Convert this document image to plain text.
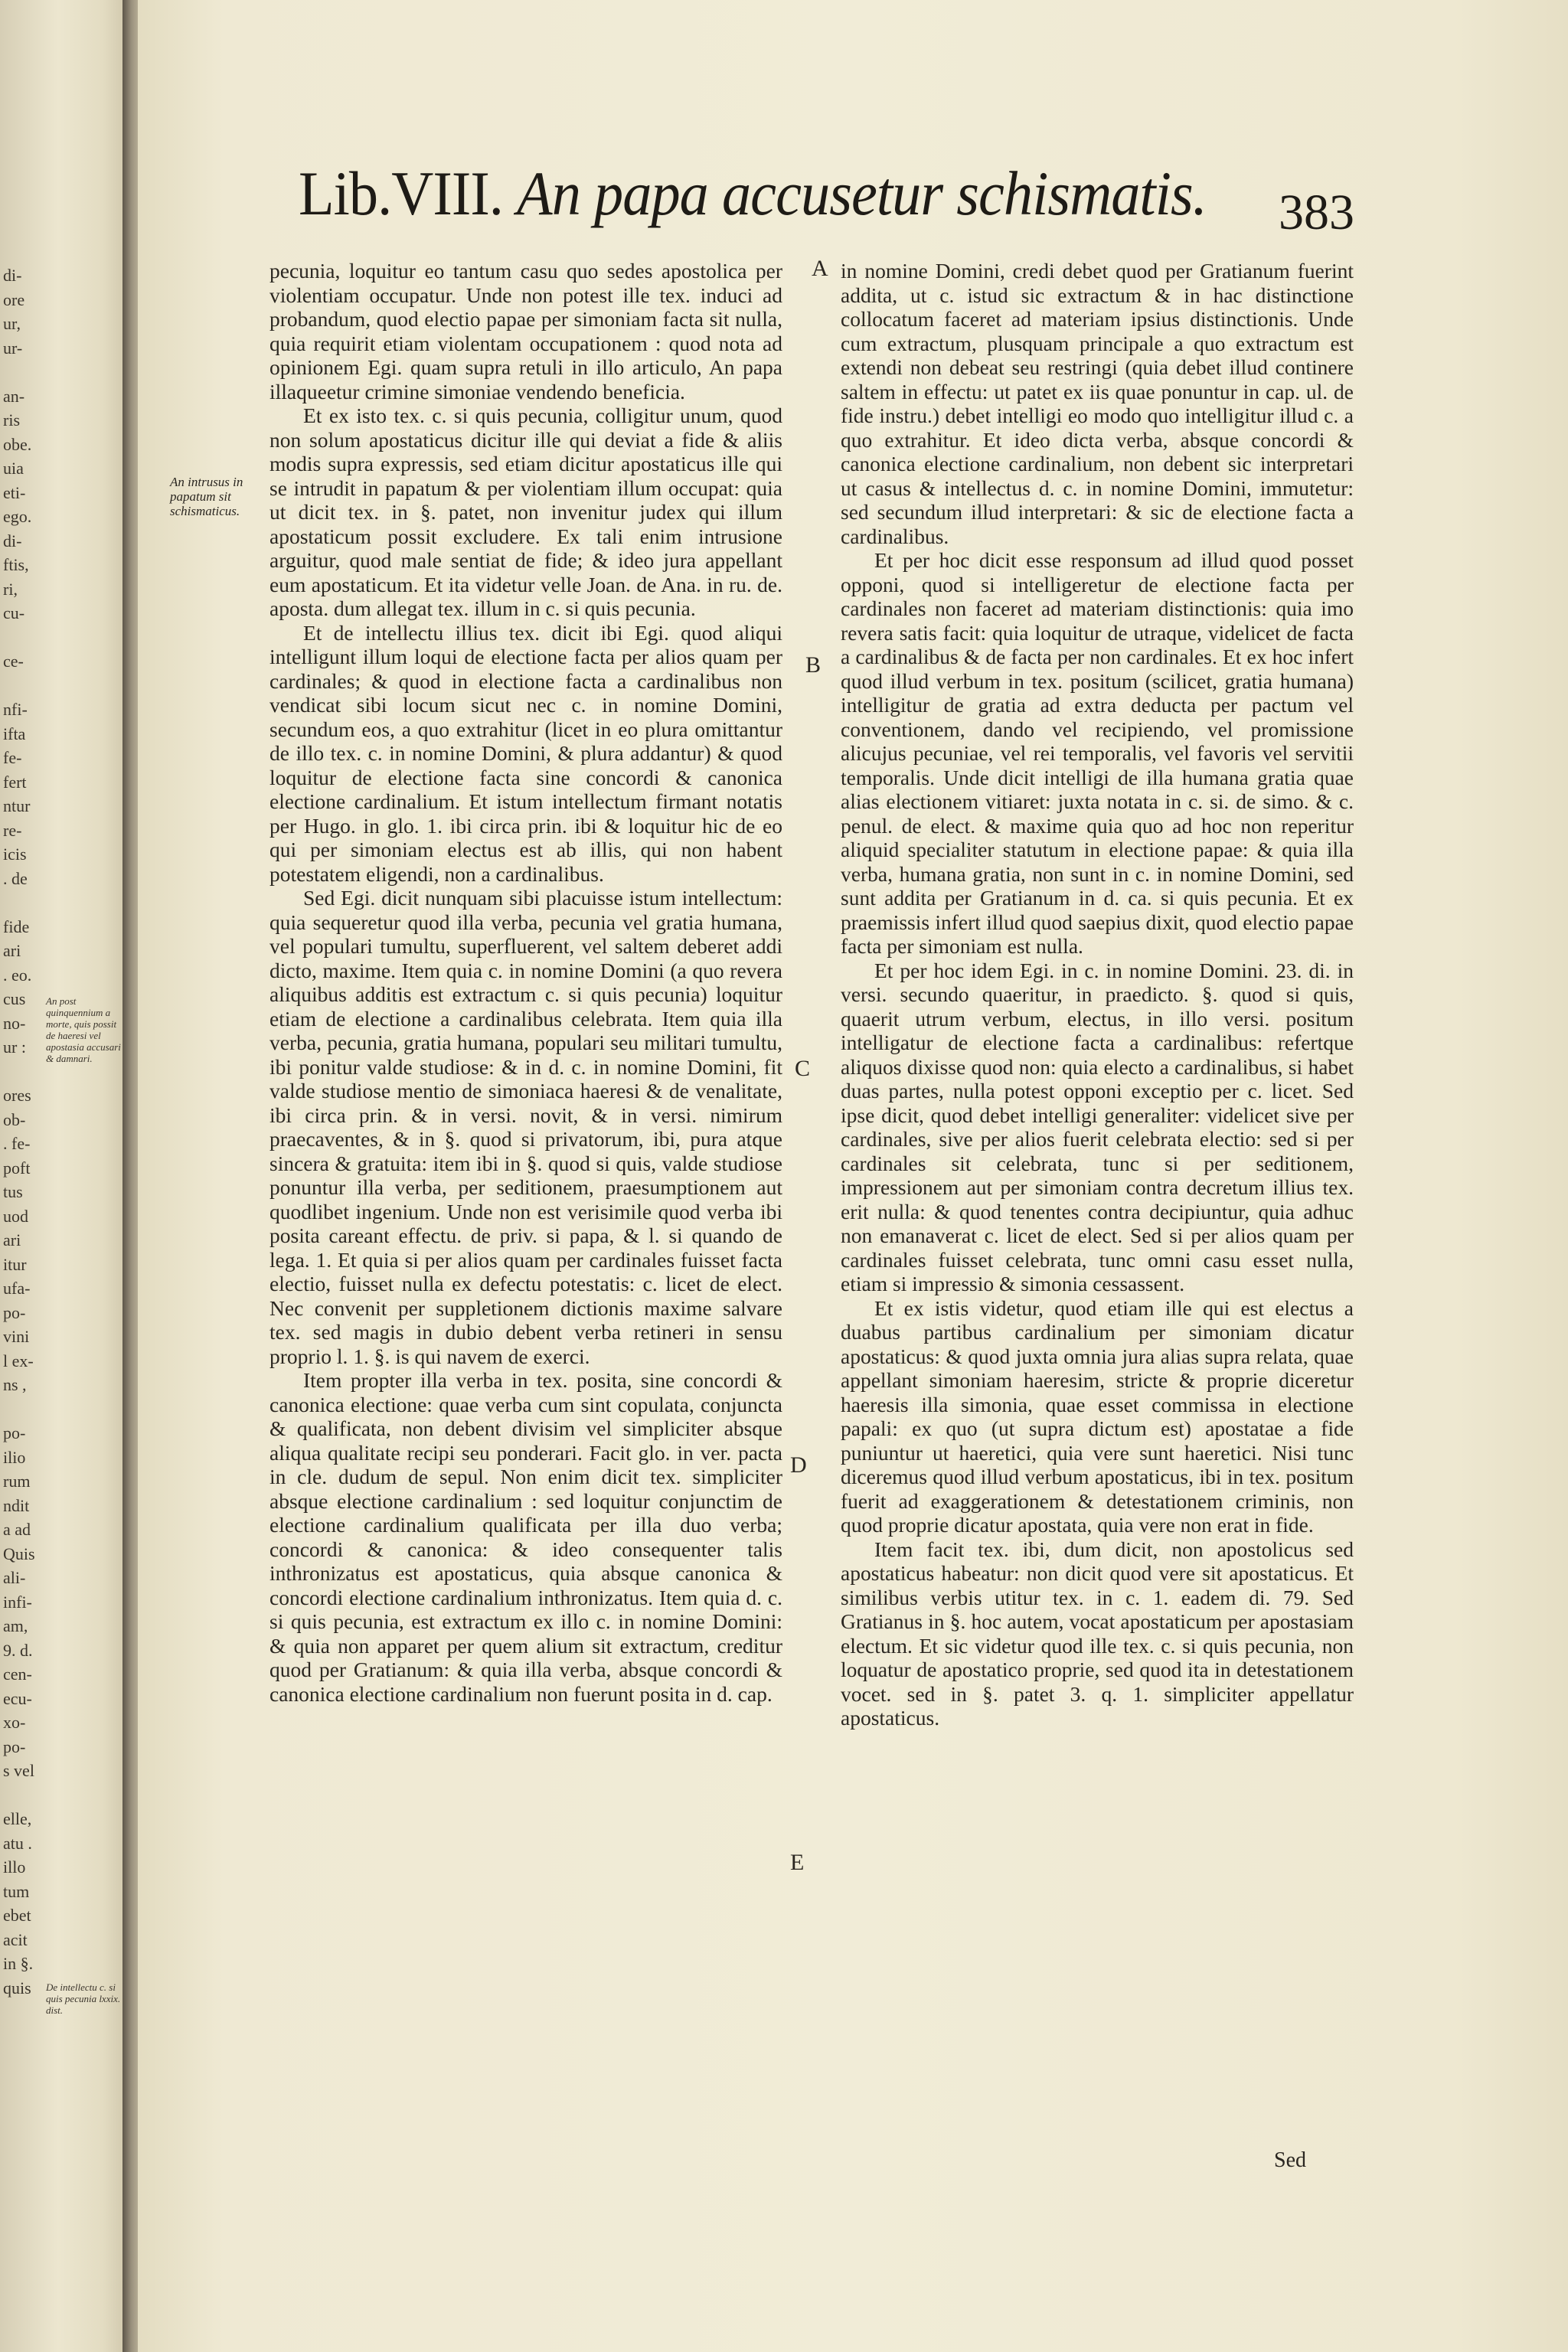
di-
ore
ur,
ur-
an-
ris
obe.
uia
eti-
ego.
di-
ftis,
ri,
cu-
ce-
nfi-
ifta
fe-
fert
ntur
re-
icis
. de
fide
ari
. eo.
cus
no-
ur :
ores
ob-
. fe-
poft
tus
uod
ari
itur
ufa-
po-
vini
l ex-
ns ,
po-
ilio
rum
ndit
a ad
Quis
ali-
infi-
am,
9. d.
cen-
ecu-
xo-
po-
s vel
elle,
atu .
illo
tum
ebet
acit
in §.
quis
An post quinquennium a morte, quis possit de haeresi vel apostasia accusari & damnari.
De intellectu c. si quis pecunia lxxix. dist.
Lib.VIII. An papa accusetur schismatis. 383
An intrusus in papatum sit schismaticus.
A
B
C
D
E

pecunia, loquitur eo tantum casu quo sedes apostolica per violentiam occupatur. Unde non potest ille tex. induci ad probandum, quod electio papae per simoniam facta sit nulla, quia requirit etiam violentam occupationem : quod nota ad opinionem Egi. quam supra retuli in illo articulo, An papa illaqueetur crimine simoniae vendendo beneficia.

Et ex isto tex. c. si quis pecunia, colligitur unum, quod non solum apostaticus dicitur ille qui deviat a fide & aliis modis supra expressis, sed etiam dicitur apostaticus ille qui se intrudit in papatum & per violentiam illum occupat: quia ut dicit tex. in §. patet, non invenitur judex qui illum apostaticum possit excludere. Ex tali enim intrusione arguitur, quod male sentiat de fide; & ideo jura appellant eum apostaticum. Et ita videtur velle Joan. de Ana. in ru. de. aposta. dum allegat tex. illum in c. si quis pecunia.

Et de intellectu illius tex. dicit ibi Egi. quod aliqui intelligunt illum loqui de electione facta per alios quam per cardinales; & quod in electione facta a cardinalibus non vendicat sibi locum sicut nec c. in nomine Domini, secundum eos, a quo extrahitur (licet in eo plura omittantur de illo tex. c. in nomine Domini, & plura addantur) & quod loquitur de electione facta sine concordi & canonica electione cardinalium. Et istum intellectum firmant notatis per Hugo. in glo. 1. ibi circa prin. ibi & loquitur hic de eo qui per simoniam electus est ab illis, qui non habent potestatem eligendi, non a cardinalibus.

Sed Egi. dicit nunquam sibi placuisse istum intellectum: quia sequeretur quod illa verba, pecunia vel gratia humana, vel populari tumultu, superfluerent, vel saltem deberet addi dicto, maxime. Item quia c. in nomine Domini (a quo revera aliquibus additis est extractum c. si quis pecunia) loquitur etiam de electione a cardinalibus celebrata. Item quia illa verba, pecunia, gratia humana, populari seu militari tumultu, ibi ponitur valde studiose: & in d. c. in nomine Domini, fit valde studiose mentio de simoniaca haeresi & de venalitate, ibi circa prin. & in versi. novit, & in versi. nimirum praecaventes, & in §. quod si privatorum, ibi, pura atque sincera & gratuita: item ibi in §. quod si quis, valde studiose ponuntur illa verba, per seditionem, praesumptionem aut quodlibet ingenium. Unde non est verisimile quod verba ibi posita careant effectu. de priv. si papa, & l. si quando de lega. 1. Et quia si per alios quam per cardinales fuisset facta electio, fuisset nulla ex defectu potestatis: c. licet de elect. Nec convenit per suppletionem dictionis maxime salvare tex. sed magis in dubio debent verba retineri in sensu proprio l. 1. §. is qui navem de exerci.

Item propter illa verba in tex. posita, sine concordi & canonica electione: quae verba cum sint copulata, conjuncta & qualificata, non debent divisim vel simpliciter absque aliqua qualitate recipi seu ponderari. Facit glo. in ver. pacta in cle. dudum de sepul. Non enim dicit tex. simpliciter absque electione cardinalium : sed loquitur conjunctim de electione cardinalium qualificata per illa duo verba; concordi & canonica: & ideo consequenter talis inthronizatus est apostaticus, quia absque canonica & concordi electione cardinalium inthronizatus. Item quia d. c. si quis pecunia, est extractum ex illo c. in nomine Domini: & quia non apparet per quem alium sit extractum, creditur quod per Gratianum: & quia illa verba, absque concordi & canonica electione cardinalium non fuerunt posita in d. cap.

in nomine Domini, credi debet quod per Gratianum fuerint addita, ut c. istud sic extractum & in hac distinctione collocatum faceret ad materiam ipsius distinctionis. Unde cum extractum, plusquam principale a quo extractum est extendi non debeat seu restringi (quia debet illud continere saltem in effectu: ut patet ex iis quae ponuntur in cap. ul. de fide instru.) debet intelligi eo modo quo intelligitur illud c. a quo extrahitur. Et ideo dicta verba, absque concordi & canonica electione cardinalium, non debent sic interpretari ut casus & intellectus d. c. in nomine Domini, immutetur: sed secundum illud interpretari: & sic de electione facta a cardinalibus.

Et per hoc dicit esse responsum ad illud quod posset opponi, quod si intelligeretur de electione facta per cardinales non faceret ad materiam distinctionis: quia imo revera satis facit: quia loquitur de utraque, videlicet de facta a cardinalibus & de facta per non cardinales. Et ex hoc infert quod illud verbum in tex. positum (scilicet, gratia humana) intelligitur de gratia ad extra deducta per pactum vel conventionem, dando vel recipiendo, vel promissione alicujus pecuniae, vel rei temporalis, vel favoris vel servitii temporalis. Unde dicit intelligi de illa humana gratia quae alias electionem vitiaret: juxta notata in c. si. de simo. & c. penul. de elect. & maxime quia quo ad hoc non reperitur aliquid specialiter statutum in electione papae: & quia illa verba, humana gratia, non sunt in c. in nomine Domini, sed sunt addita per Gratianum in d. ca. si quis pecunia. Et ex praemissis infert illud quod saepius dixit, quod electio papae facta per simoniam est nulla.

Et per hoc idem Egi. in c. in nomine Domini. 23. di. in versi. secundo quaeritur, in praedicto. §. quod si quis, quaerit utrum verbum, electus, in illo versi. positum intelligatur de electione facta a cardinalibus: refertque aliquos dixisse quod non: quia electo a cardinalibus, si habet duas partes, nulla potest opponi exceptio per c. licet. Sed ipse dicit, quod debet intelligi generaliter: videlicet sive per cardinales, sive per alios fuerit celebrata electio: sed si per cardinales sit celebrata, tunc si per seditionem, impressionem aut per simoniam contra decretum illius tex. erit nulla: & quod tenentes contra decipiuntur, quia adhuc non emanaverat c. licet de elect. Sed si per alios quam per cardinales fuisset celebrata, tunc omni casu esset nulla, etiam si impressio & simonia cessassent.

Et ex istis videtur, quod etiam ille qui est electus a duabus partibus cardinalium per simoniam dicatur apostaticus: & quod juxta omnia jura alias supra relata, quae appellant simoniam haeresim, stricte & proprie diceretur haeresis illa simonia, quae esset commissa in electione papali: ex quo (ut supra dictum est) apostatae a fide puniuntur ut haeretici, quia vere sunt haeretici. Nisi tunc diceremus quod illud verbum apostaticus, ibi in tex. positum fuerit ad exaggerationem & detestationem criminis, non quod proprie dicatur apostata, quia vere non erat in fide.

Item facit tex. ibi, dum dicit, non apostolicus sed apostaticus habeatur: non dicit quod vere sit apostaticus. Et similibus verbis utitur tex. in c. 1. eadem di. 79. Sed Gratianus in §. hoc autem, vocat apostaticum per apostasiam electum. Et sic videtur quod ille tex. c. si quis pecunia, non loquatur de apostatico proprie, sed quod ita in detestationem vocet. sed in §. patet 3. q. 1. simpliciter appellatur apostaticus.

Sed
